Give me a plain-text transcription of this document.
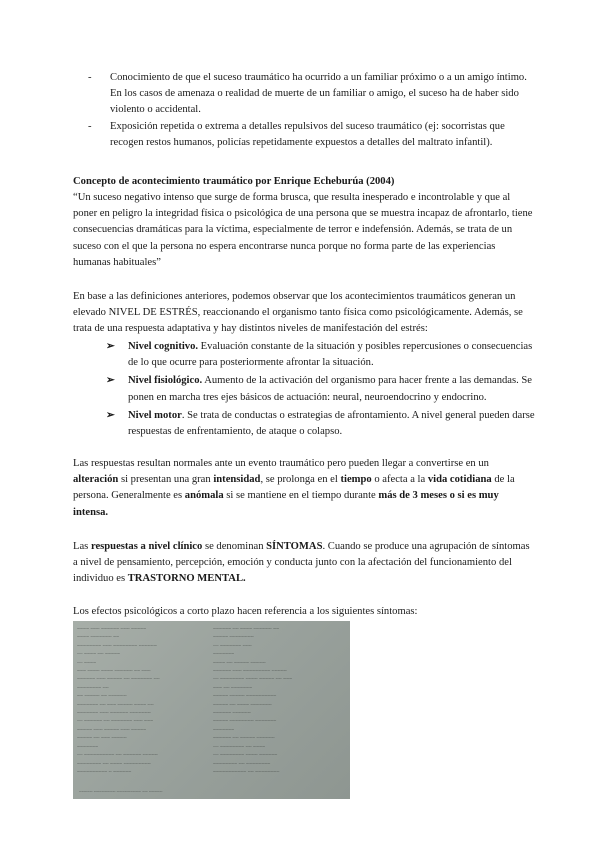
- Conocimiento de que el suceso traumático ha ocurrido a un familiar próximo o a un amigo íntimo. En los casos de amenaza o realidad de muerte de un familiar o amigo, el suceso ha de haber sido violento o accidental.
- Exposición repetida o extrema a detalles repulsivos del suceso traumático (ej: socorristas que recogen restos humanos, policías repetidamente expuestos a detalles del maltrato infantil).
Concepto de acontecimiento traumático por Enrique Echeburúa (2004)
“Un suceso negativo intenso que surge de forma brusca, que resulta inesperado e incontrolable y que al poner en peligro la integridad física o psicológica de una persona que se muestra incapaz de afrontarlo, tiene consecuencias dramáticas para la víctima, especialmente de terror e indefensión. Además, se trata de un suceso con el que la persona no espera encontrarse nunca porque no forma parte de las experiencias humanas habituales”
En base a las definiciones anteriores, podemos observar que los acontecimientos traumáticos generan un elevado NIVEL DE ESTRÉS, reaccionando el organismo tanto física como psicológicamente. Además, se trata de una respuesta adaptativa y hay distintos niveles de manifestación del estrés:
➢ Nivel cognitivo. Evaluación constante de la situación y posibles repercusiones o consecuencias de lo que ocurre para posteriormente afrontar la situación.
➢ Nivel fisiológico. Aumento de la activación del organismo para hacer frente a las demandas. Se ponen en marcha tres ejes básicos de actuación: neural, neuroendocrino y endocrino.
➢ Nivel motor. Se trata de conductas o estrategias de afrontamiento. A nivel general pueden darse respuestas de enfrentamiento, de ataque o colapso.
Las respuestas resultan normales ante un evento traumático pero pueden llegar a convertirse en un alteración si presentan una gran intensidad, se prolonga en el tiempo o afecta a la vida cotidiana de la persona. Generalmente es anómala si se mantiene en el tiempo durante más de 3 meses o si es muy intensa.
Las respuestas a nivel clínico se denominan SÍNTOMAS. Cuando se produce una agrupación de síntomas a nivel de pensamiento, percepción, emoción y conducta junto con la afectación del funcionamiento del individuo es TRASTORNO MENTAL.
Los efectos psicológicos a corto plazo hacen referencia a los siguientes síntomas:
~~~~ ~~~ ~~~~~~ ~~~ ~~~~~
~~~~ ~~~~~~~ ~~
~~~~~~~~ ~~~ ~~~~~~~~ ~~~~~~
— ~~~~ ~~ ~~~~~
— ~~~~
~~~ ~~~~ ~~~~ ~~~~~~ ~~ ~~~
~~~~~~ ~~~ ~~~~~ ~~ ~~~~~~~ ~~
~~~~~~~~ ~~
~~ ~~~~~ ~~ ~~~~~~
~~~~~~~ ~~ ~~~ ~~~~~ ~~~~ ~~
~~~~~~~ ~~~ ~~~~~~ ~~~~~~~
— ~~~~~~ ~~ ~~~~~~~ ~~~ ~~~
~~~~~ ~~~ ~~~~~ ~~~ ~~~~~
~~~~~ ~~ ~~~ ~~~~~
~~~~~~~
— ~~~~~~~~~~ ~~ ~~~~~~ ~~~~~
~~~~~~~~ ~~ ~~~~ ~~~~~~~~~
~~~~~~~~~~ ~ ~~~~~~
~~~~~~ ~~ ~~~~ ~~~~~~ ~~
~~~~~ ~~~~~~~~
— ~~~~~~~ ~~~
~~~~~~~
~~~~ ~~ ~~~~~ ~~~~~
~~~~~~ ~~~ ~~~~~~~~~ ~~~~~
— ~~~~~~~~ ~~~~ ~~~~~ ~~ ~~~
~~~ ~~ ~~~~~~~
~~~~~ ~~~~~ ~~~~~~~~~~
~~~~~ ~~ ~~~~ ~~~~~~~
~~~~~~ ~~~~~~
~~~~~ ~~~~~~~~ ~~~~~~~
~~~~~~~
~~~~~~ ~~ ~~~~~ ~~~~~~
— ~~~~~~~~ ~~ ~~~~
— ~~~~~~~~ ~~~~ ~~~~~~
~~~~~~~~ ~~ ~~~~~~~~
~~~~~~~~~~~ ~~ ~~~~~~~~
~~~~~ ~~~~~~~~ ~~~~~~~~~ ~~ ~~~~~
